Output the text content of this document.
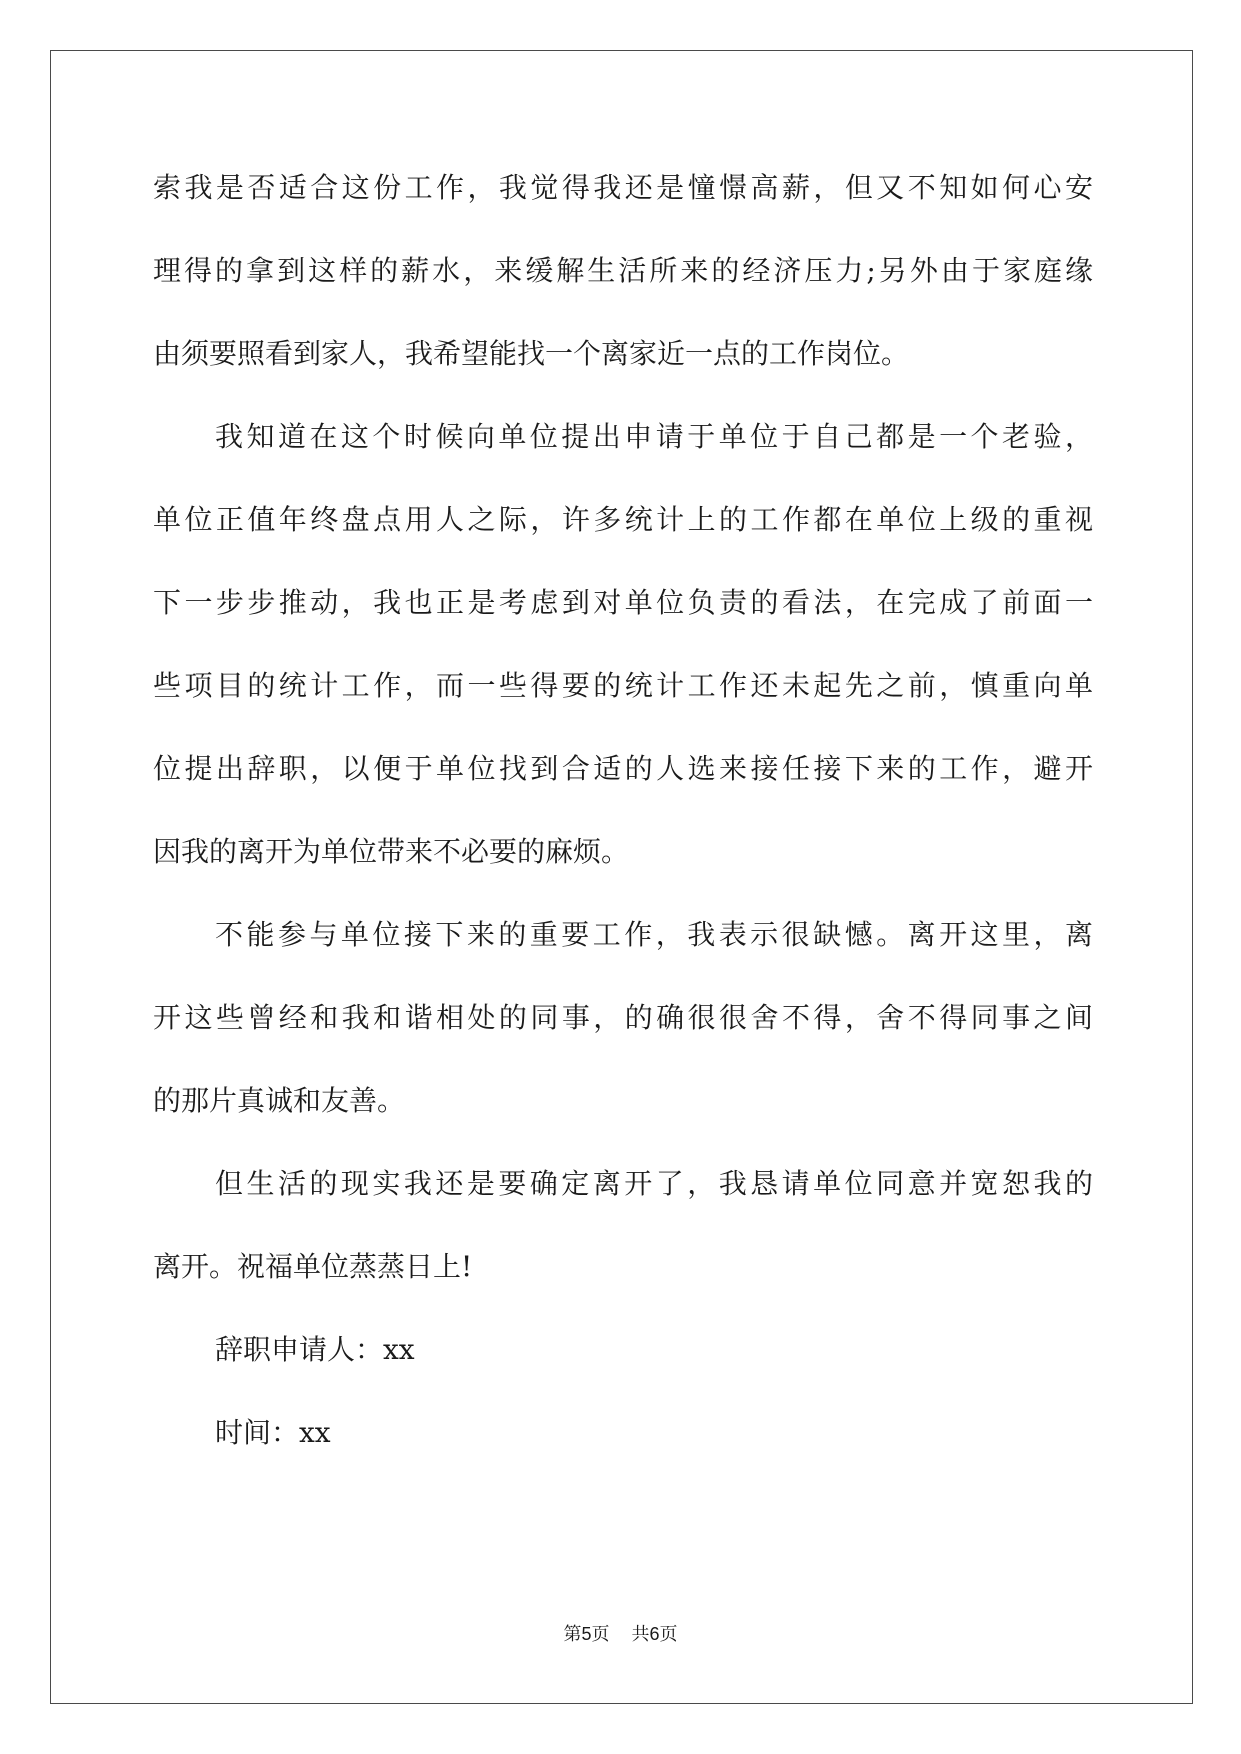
索我是否适合这份工作，我觉得我还是憧憬高薪，但又不知如何心安
理得的拿到这样的薪水，来缓解生活所来的经济压力;另外由于家庭缘
由须要照看到家人，我希望能找一个离家近一点的工作岗位。
我知道在这个时候向单位提出申请于单位于自己都是一个老验，
单位正值年终盘点用人之际，许多统计上的工作都在单位上级的重视
下一步步推动，我也正是考虑到对单位负责的看法，在完成了前面一
些项目的统计工作，而一些得要的统计工作还未起先之前，慎重向单
位提出辞职，以便于单位找到合适的人选来接任接下来的工作，避开
因我的离开为单位带来不必要的麻烦。
不能参与单位接下来的重要工作，我表示很缺憾。离开这里，离
开这些曾经和我和谐相处的同事，的确很很舍不得，舍不得同事之间
的那片真诚和友善。
但生活的现实我还是要确定离开了，我恳请单位同意并宽恕我的
离开。祝福单位蒸蒸日上!
辞职申请人：xx
时间：xx
第5页 共6页
